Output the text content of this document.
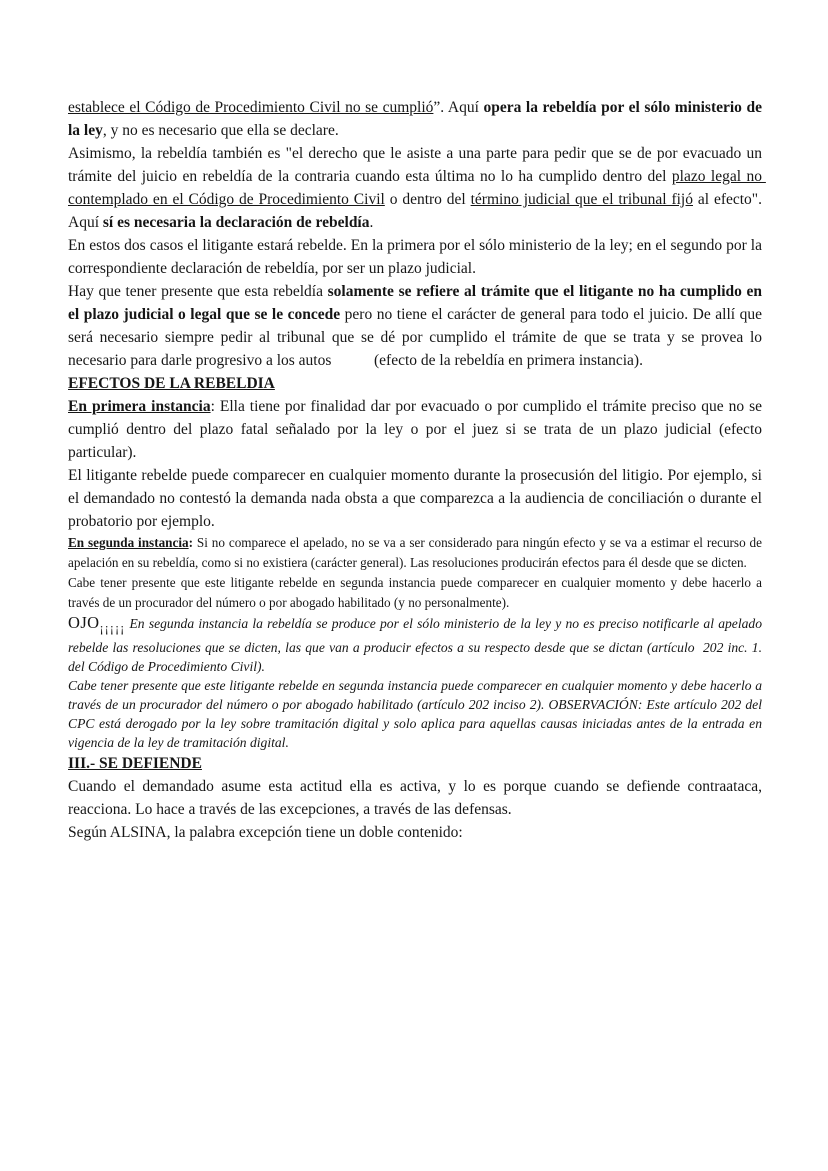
establece el Código de Procedimiento Civil no se cumplió”. Aquí opera la rebeldía por el sólo ministerio de la ley, y no es necesario que ella se declare.

Asimismo, la rebeldía también es "el derecho que le asiste a una parte para pedir que se de por evacuado un trámite del juicio en rebeldía de la contraria cuando esta última no lo ha cumplido dentro del plazo legal no contemplado en el Código de Procedimiento Civil o dentro del término judicial que el tribunal fijó al efecto". Aquí sí es necesaria la declaración de rebeldía.

En estos dos casos el litigante estará rebelde. En la primera por el sólo ministerio de la ley; en el segundo por la correspondiente declaración de rebeldía, por ser un plazo judicial.

Hay que tener presente que esta rebeldía solamente se refiere al trámite que el litigante no ha cumplido en el plazo judicial o legal que se le concede pero no tiene el carácter de general para todo el juicio. De allí que será necesario siempre pedir al tribunal que se dé por cumplido el trámite de que se trata y se provea lo necesario para darle progresivo a los autos           (efecto de la rebeldía en primera instancia).

EFECTOS DE LA REBELDIA

En primera instancia: Ella tiene por finalidad dar por evacuado o por cumplido el trámite preciso que no se cumplió dentro del plazo fatal señalado por la ley o por el juez si se trata de un plazo judicial (efecto particular).

El litigante rebelde puede comparecer en cualquier momento durante la prosecusión del litigio. Por ejemplo, si el demandado no contestó la demanda nada obsta a que comparezca a la audiencia de conciliación o durante el probatorio por ejemplo.

En segunda instancia: Si no comparece el apelado, no se va a ser considerado para ningún efecto y se va a estimar el recurso de apelación en su rebeldía, como si no existiera (carácter general). Las resoluciones producirán efectos para él desde que se dicten.

Cabe tener presente que este litigante rebelde en segunda instancia puede comparecer en cualquier momento y debe hacerlo a través de un procurador del número o por abogado habilitado (y no personalmente).

OJO¡¡¡¡¡ En segunda instancia la rebeldía se produce por el sólo ministerio de la ley y no es preciso notificarle al apelado rebelde las resoluciones que se dicten, las que van a producir efectos a su respecto desde que se dictan (artículo  202 inc. 1. del Código de Procedimiento Civil).

Cabe tener presente que este litigante rebelde en segunda instancia puede comparecer en cualquier momento y debe hacerlo a través de un procurador del número o por abogado habilitado (artículo 202 inciso 2). OBSERVACIÓN: Este artículo 202 del CPC está derogado por la ley sobre tramitación digital y solo aplica para aquellas causas iniciadas antes de la entrada en vigencia de la ley de tramitación digital.

III.- SE DEFIENDE

Cuando el demandado asume esta actitud ella es activa, y lo es porque cuando se defiende contraataca, reacciona. Lo hace a través de las excepciones, a través de las defensas.

Según ALSINA, la palabra excepción tiene un doble contenido:
